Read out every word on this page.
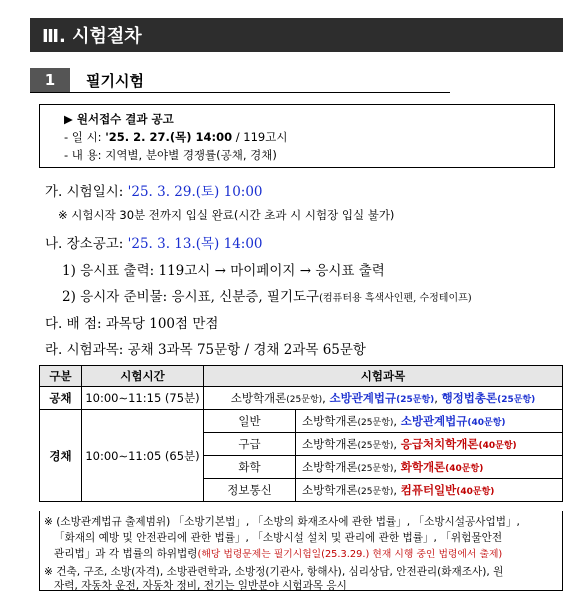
Ⅲ. 시험절차
1	필기시험
▶ 원서접수 결과 공고
- 일 시: '25. 2. 27.(목) 14:00 / 119고시
- 내 용: 지역별, 분야별 경쟁률(공채, 경채)
가. 시험일시: '25. 3. 29.(토) 10:00
※ 시험시작 30분 전까지 입실 완료(시간 초과 시 시험장 입실 불가)
나. 장소공고: '25. 3. 13.(목) 14:00
1) 응시표 출력: 119고시 → 마이페이지 → 응시표 출력
2) 응시자 준비물: 응시표, 신분증, 필기도구(컴퓨터용 흑색사인펜, 수정테이프)
다. 배 점: 과목당 100점 만점
라. 시험과목: 공채 3과목 75문항 / 경채 2과목 65문항
구분	시험시간	시험과목	
공채	10:00∼11:15 (75분)	소방학개론(25문항), 소방관계법규(25문항), 행정법총론(25문항)	
경채	10:00∼11:05 (65분)	일반	소방학개론(25문항), 소방관계법규(40문항)
		구급	소방학개론(25문항), 응급처치학개론(40문항)
		화학	소방학개론(25문항), 화학개론(40문항)
		정보통신	소방학개론(25문항), 컴퓨터일반(40문항)
※ (소방관계법규 출제범위) 「소방기본법」, 「소방의 화재조사에 관한 법률」, 「소방시설공사업법」,
「화재의 예방 및 안전관리에 관한 법률」, 「소방시설 설치 및 관리에 관한 법률」, 「위험물안전
관리법」과 각 법률의 하위법령(해당 법령문제는 필기시험일(25.3.29.) 현재 시행 중인 법령에서 출제)
※ 건축, 구조, 소방(자격), 소방관련학과, 소방정(기관사, 항해사), 심리상담, 안전관리(화재조사), 원
자력, 자동차 운전, 자동차 정비, 전기는 일반분야 시험과목 응시
